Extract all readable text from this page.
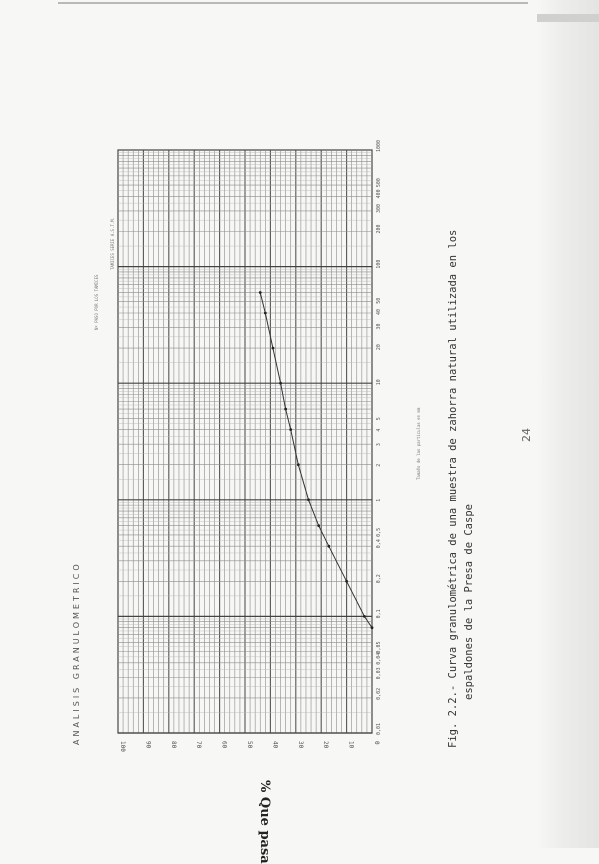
100	90	80	70	60	50	40	30	20	10	0
0,01
0,02
0,03
0,04
0,05
0,1
0,2
0,4
0,5
1
2
3
4
5
10
20
30
40
50
100
200
300
400
500
1000
ANALISIS GRANULOMETRICO
Nº PASO POR LOS TAMICES
TAMICES SERIE A.S.T.M.
Tamaño de las partículas en mm
% Que pasa
Fig. 2.2.- Curva granulométrica de una muestra de zahorra natural utilizada en los espaldones de la Presa de Caspe
24
